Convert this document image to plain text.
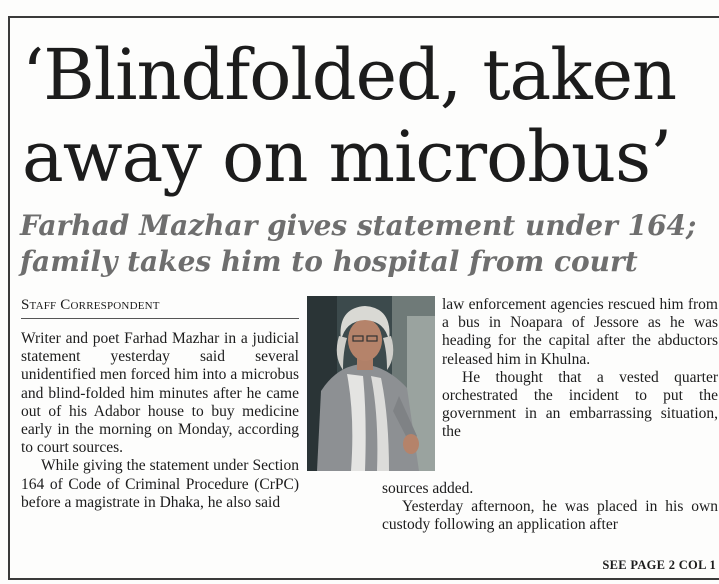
‘Blindfolded, taken
away on microbus’
Farhad Mazhar gives statement under 164;
family takes him to hospital from court
Staff Correspondent

Writer and poet Farhad Mazhar in a judicial statement yesterday said several unidentified men forced him into a microbus and blind-folded him minutes after he came out of his Adabor house to buy medicine early in the morning on Monday, according to court sources.

While giving the statement under Section 164 of Code of Criminal Procedure (CrPC) before a magistrate in Dhaka, he also said

law enforcement agencies rescued him from a bus in Noapara of Jessore as he was heading for the capital after the abductors released him in Khulna.

He thought that a vested quarter orchestrated the incident to put the government in an embarrassing situation, the

sources added.

Yesterday afternoon, he was placed in his own custody following an application after

SEE PAGE 2 COL 1
